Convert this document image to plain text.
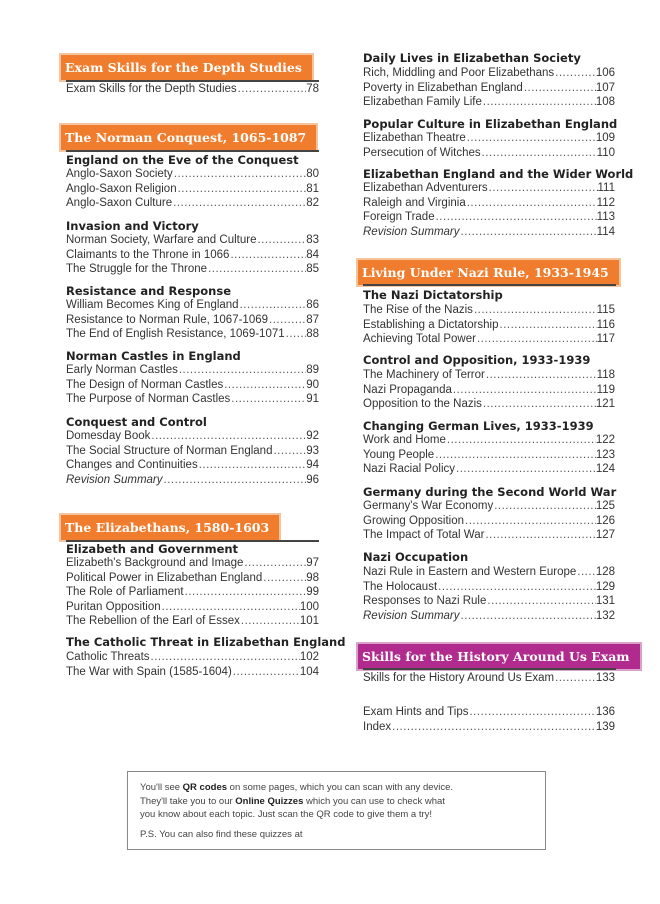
Exam Skills for the Depth Studies
Exam Skills for the Depth Studies .....	78
The Norman Conquest, 1065-1087
England on the Eve of the Conquest
Anglo-Saxon Society .....	80
Anglo-Saxon Religion .....	81
Anglo-Saxon Culture .....	82
Invasion and Victory
Norman Society, Warfare and Culture .....	83
Claimants to the Throne in 1066 .....	84
The Struggle for the Throne .....	85
Resistance and Response
William Becomes King of England .....	86
Resistance to Norman Rule, 1067-1069 .....	87
The End of English Resistance, 1069-1071 ..... 88
Norman Castles in England
Early Norman Castles .....	89
The Design of Norman Castles .....	90
The Purpose of Norman Castles .....	91
Conquest and Control
Domesday Book .....	92
The Social Structure of Norman England .....	93
Changes and Continuities .....	94
Revision Summary .....	96
The Elizabethans, 1580-1603
Elizabeth and Government
Elizabeth's Background and Image .....	97
Political Power in Elizabethan England .....	98
The Role of Parliament .....	99
Puritan Opposition .....	100
The Rebellion of the Earl of Essex .....	101
The Catholic Threat in Elizabethan England
Catholic Threats .....	102
The War with Spain (1585-1604) .....	104
Daily Lives in Elizabethan Society
Rich, Middling and Poor Elizabethans .....	106
Poverty in Elizabethan England .....	107
Elizabethan Family Life .....	108
Popular Culture in Elizabethan England
Elizabethan Theatre .....	109
Persecution of Witches .....	110
Elizabethan England and the Wider World
Elizabethan Adventurers .....	111
Raleigh and Virginia .....	112
Foreign Trade .....	113
Revision Summary .....	114
Living Under Nazi Rule, 1933-1945
The Nazi Dictatorship
The Rise of the Nazis .....	115
Establishing a Dictatorship .....	116
Achieving Total Power .....	117
Control and Opposition, 1933-1939
The Machinery of Terror .....	118
Nazi Propaganda .....	119
Opposition to the Nazis .....	121
Changing German Lives, 1933-1939
Work and Home .....	122
Young People .....	123
Nazi Racial Policy .....	124
Germany during the Second World War
Germany's War Economy .....	125
Growing Opposition .....	126
The Impact of Total War .....	127
Nazi Occupation
Nazi Rule in Eastern and Western Europe ..... 128
The Holocaust .....	129
Responses to Nazi Rule .....	131
Revision Summary .....	132
Skills for the History Around Us Exam
Skills for the History Around Us Exam .....	133
Exam Hints and Tips .....	136
Index .....	139
You'll see QR codes on some pages, which you can scan with any device.
They'll take you to our Online Quizzes which you can use to check what
you know about each topic. Just scan the QR code to give them a try!
P.S. You can also find these quizzes at
